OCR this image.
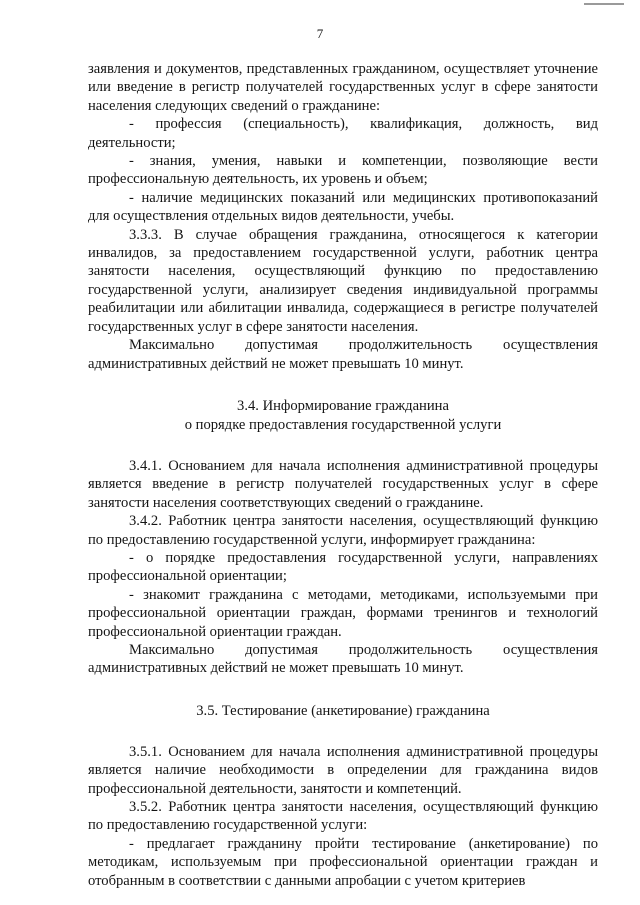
7

заявления и документов, представленных гражданином, осуществляет уточнение или введение в регистр получателей государственных услуг в сфере занятости населения следующих сведений о гражданине:

- профессия (специальность), квалификация, должность, вид деятельности;

- знания, умения, навыки и компетенции, позволяющие вести профессиональную деятельность, их уровень и объем;

- наличие медицинских показаний или медицинских противопоказаний для осуществления отдельных видов деятельности, учебы.

3.3.3. В случае обращения гражданина, относящегося к категории инвалидов, за предоставлением государственной услуги, работник центра занятости населения, осуществляющий функцию по предоставлению государственной услуги, анализирует сведения индивидуальной программы реабилитации или абилитации инвалида, содержащиеся в регистре получателей государственных услуг в сфере занятости населения.

Максимально допустимая продолжительность осуществления административных действий не может превышать 10 минут.

3.4. Информирование гражданина

о порядке предоставления государственной услуги

3.4.1. Основанием для начала исполнения административной процедуры является введение в регистр получателей государственных услуг в сфере занятости населения соответствующих сведений о гражданине.

3.4.2. Работник центра занятости населения, осуществляющий функцию по предоставлению государственной услуги, информирует гражданина:

- о порядке предоставления государственной услуги, направлениях профессиональной ориентации;

- знакомит гражданина с методами, методиками, используемыми при профессиональной ориентации граждан, формами тренингов и технологий профессиональной ориентации граждан.

Максимально допустимая продолжительность осуществления административных действий не может превышать 10 минут.

3.5. Тестирование (анкетирование) гражданина

3.5.1. Основанием для начала исполнения административной процедуры является наличие необходимости в определении для гражданина видов профессиональной деятельности, занятости и компетенций.

3.5.2. Работник центра занятости населения, осуществляющий функцию по предоставлению государственной услуги:

- предлагает гражданину пройти тестирование (анкетирование) по методикам, используемым при профессиональной ориентации граждан и отобранным в соответствии с данными апробации с учетом критериев
